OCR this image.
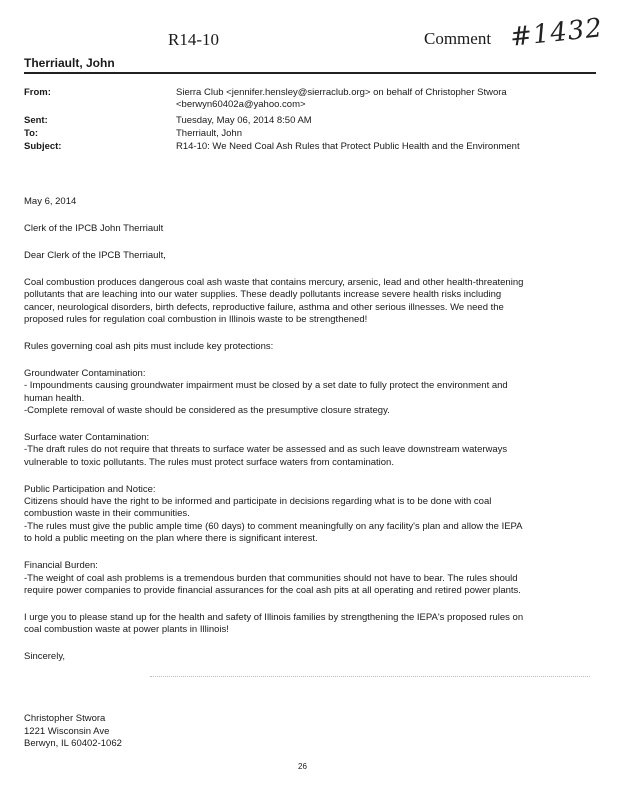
R14-10	Comment #1432
Therriault, John
From:	Sierra Club <jennifer.hensley@sierraclub.org> on behalf of Christopher Stwora
<berwyn60402a@yahoo.com>
Sent:	Tuesday, May 06, 2014 8:50 AM
To:	Therriault, John
Subject:	R14-10: We Need Coal Ash Rules that Protect Public Health and the Environment

May 6, 2014

Clerk of the IPCB John Therriault

Dear Clerk of the IPCB Therriault,

Coal combustion produces dangerous coal ash waste that contains mercury, arsenic, lead and other health-threatening
pollutants that are leaching into our water supplies. These deadly pollutants increase severe health risks including
cancer, neurological disorders, birth defects, reproductive failure, asthma and other serious illnesses. We need the
proposed rules for regulation coal combustion in Illinois waste to be strengthened!

Rules governing coal ash pits must include key protections:

Groundwater Contamination:
- Impoundments causing groundwater impairment must be closed by a set date to fully protect the environment and
human health.
-Complete removal of waste should be considered as the presumptive closure strategy.

Surface water Contamination:
-The draft rules do not require that threats to surface water be assessed and as such leave downstream waterways
vulnerable to toxic pollutants. The rules must protect surface waters from contamination.

Public Participation and Notice:
Citizens should have the right to be informed and participate in decisions regarding what is to be done with coal
combustion waste in their communities.
-The rules must give the public ample time (60 days) to comment meaningfully on any facility's plan and allow the IEPA
to hold a public meeting on the plan where there is significant interest.

Financial Burden:
-The weight of coal ash problems is a tremendous burden that communities should not have to bear. The rules should
require power companies to provide financial assurances for the coal ash pits at all operating and retired power plants.

I urge you to please stand up for the health and safety of Illinois families by strengthening the IEPA's proposed rules on
coal combustion waste at power plants in Illinois!

Sincerely,

Christopher Stwora
1221 Wisconsin Ave
Berwyn, IL 60402-1062
26
